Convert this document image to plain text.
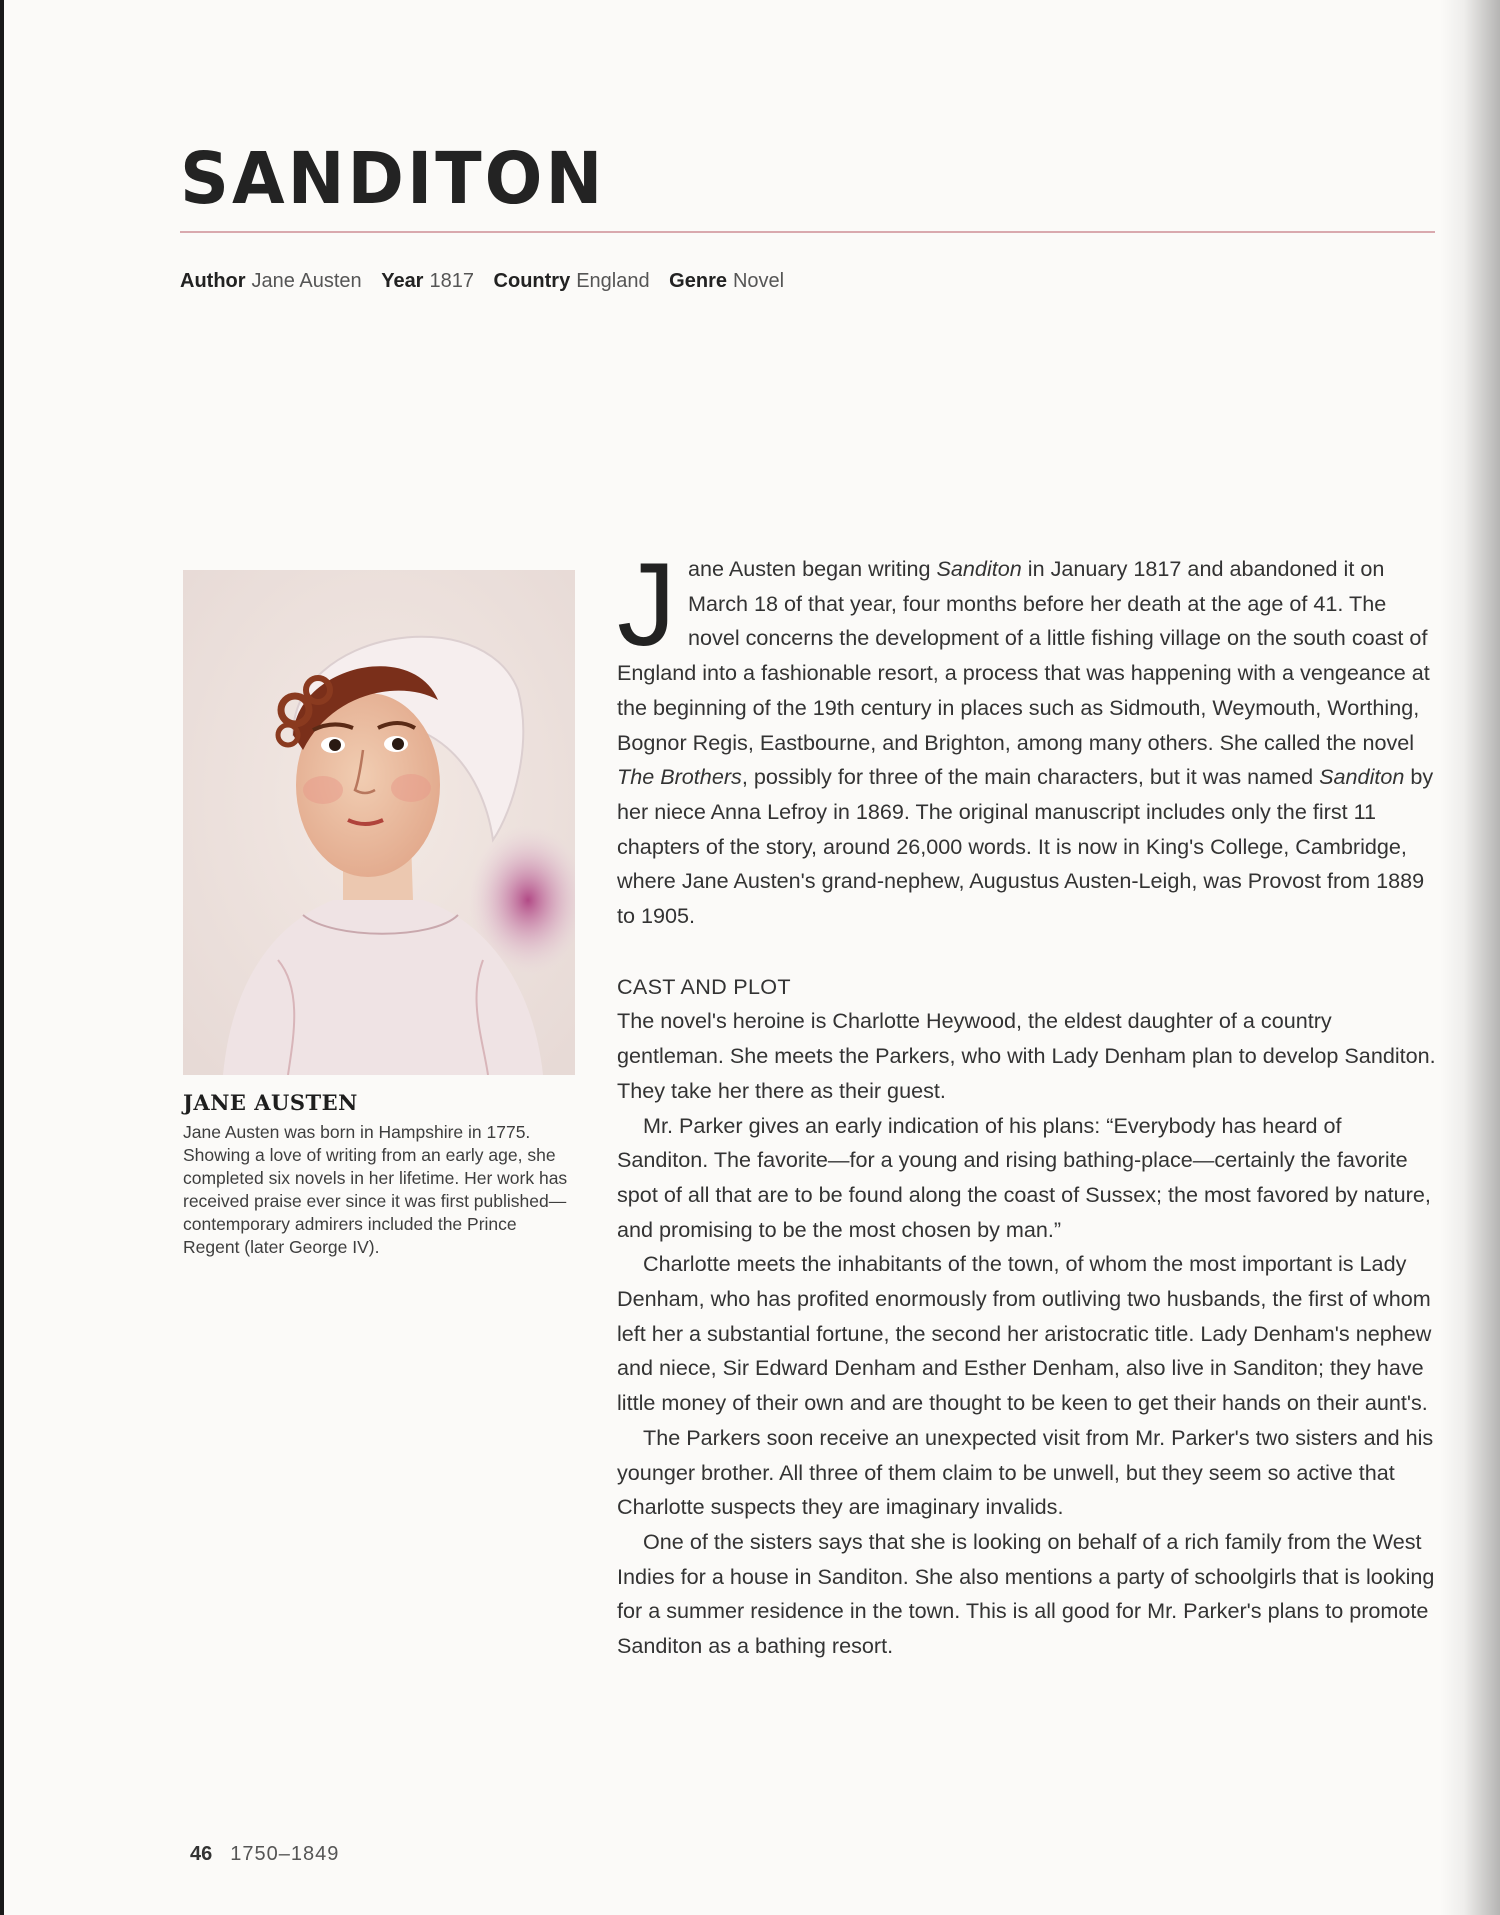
SANDITON
Author Jane Austen Year 1817 Country England Genre Novel

JANE AUSTEN

Jane Austen was born in Hampshire in 1775. Showing a love of writing from an early age, she completed six novels in her lifetime. Her work has received praise ever since it was first published—contemporary admirers included the Prince Regent (later George IV).

Jane Austen began writing Sanditon in January 1817 and abandoned it on March 18 of that year, four months before her death at the age of 41. The novel concerns the development of a little fishing village on the south coast of England into a fashionable resort, a process that was happening with a vengeance at the beginning of the 19th century in places such as Sidmouth, Weymouth, Worthing, Bognor Regis, Eastbourne, and Brighton, among many others. She called the novel The Brothers, possibly for three of the main characters, but it was named Sanditon by her niece Anna Lefroy in 1869. The original manuscript includes only the first 11 chapters of the story, around 26,000 words. It is now in King's College, Cambridge, where Jane Austen's grand-nephew, Augustus Austen-Leigh, was Provost from 1889 to 1905.

CAST AND PLOT

The novel's heroine is Charlotte Heywood, the eldest daughter of a country gentleman. She meets the Parkers, who with Lady Denham plan to develop Sanditon. They take her there as their guest.

Mr. Parker gives an early indication of his plans: “Everybody has heard of Sanditon. The favorite—for a young and rising bathing-place—certainly the favorite spot of all that are to be found along the coast of Sussex; the most favored by nature, and promising to be the most chosen by man.”

Charlotte meets the inhabitants of the town, of whom the most important is Lady Denham, who has profited enormously from outliving two husbands, the first of whom left her a substantial fortune, the second her aristocratic title. Lady Denham's nephew and niece, Sir Edward Denham and Esther Denham, also live in Sanditon; they have little money of their own and are thought to be keen to get their hands on their aunt's.

The Parkers soon receive an unexpected visit from Mr. Parker's two sisters and his younger brother. All three of them claim to be unwell, but they seem so active that Charlotte suspects they are imaginary invalids.

One of the sisters says that she is looking on behalf of a rich family from the West Indies for a house in Sanditon. She also mentions a party of schoolgirls that is looking for a summer residence in the town. This is all good for Mr. Parker's plans to promote Sanditon as a bathing resort.

46 1750–1849
